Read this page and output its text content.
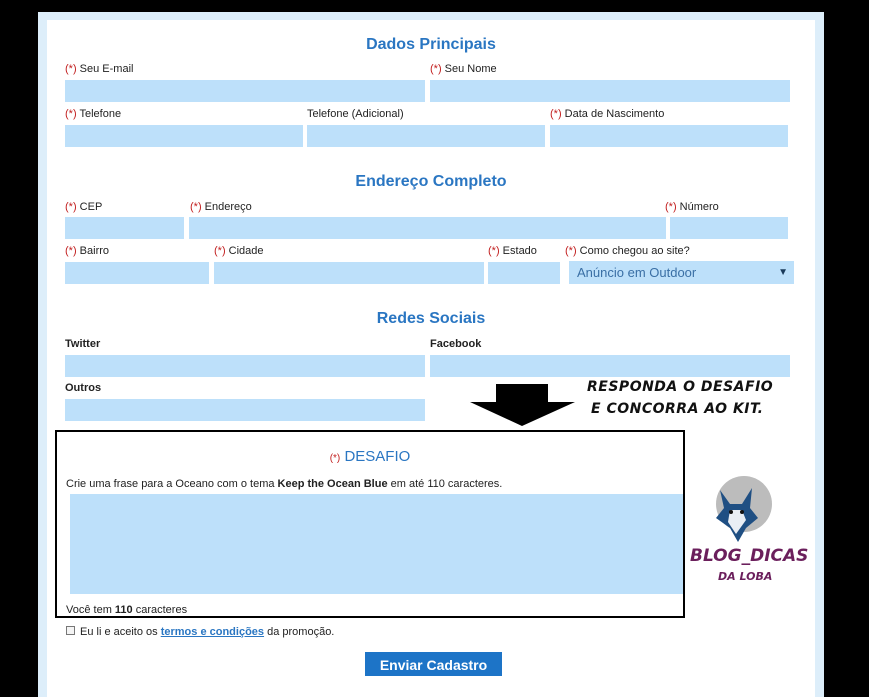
Dados Principais
(*) Seu E-mail	(*) Seu Nome
(*) Telefone	Telefone (Adicional)	(*) Data de Nascimento
Endereço Completo
(*) CEP	(*) Endereço	(*) Número
(*) Bairro	(*) Cidade	(*) Estado	(*) Como chegou ao site?
Anúncio em Outdoor	▼
Redes Sociais
Twitter	Facebook
Outros	RESPONDA O DESAFIO
E CONCORRA AO KIT.
(*) DESAFIO
Crie uma frase para a Oceano com o tema Keep the Ocean Blue em até 110 caracteres.
Você tem 110 caracteres
BLOG_DICAS
DA LOBA
Eu li e aceito os termos e condições da promoção.
Enviar Cadastro
